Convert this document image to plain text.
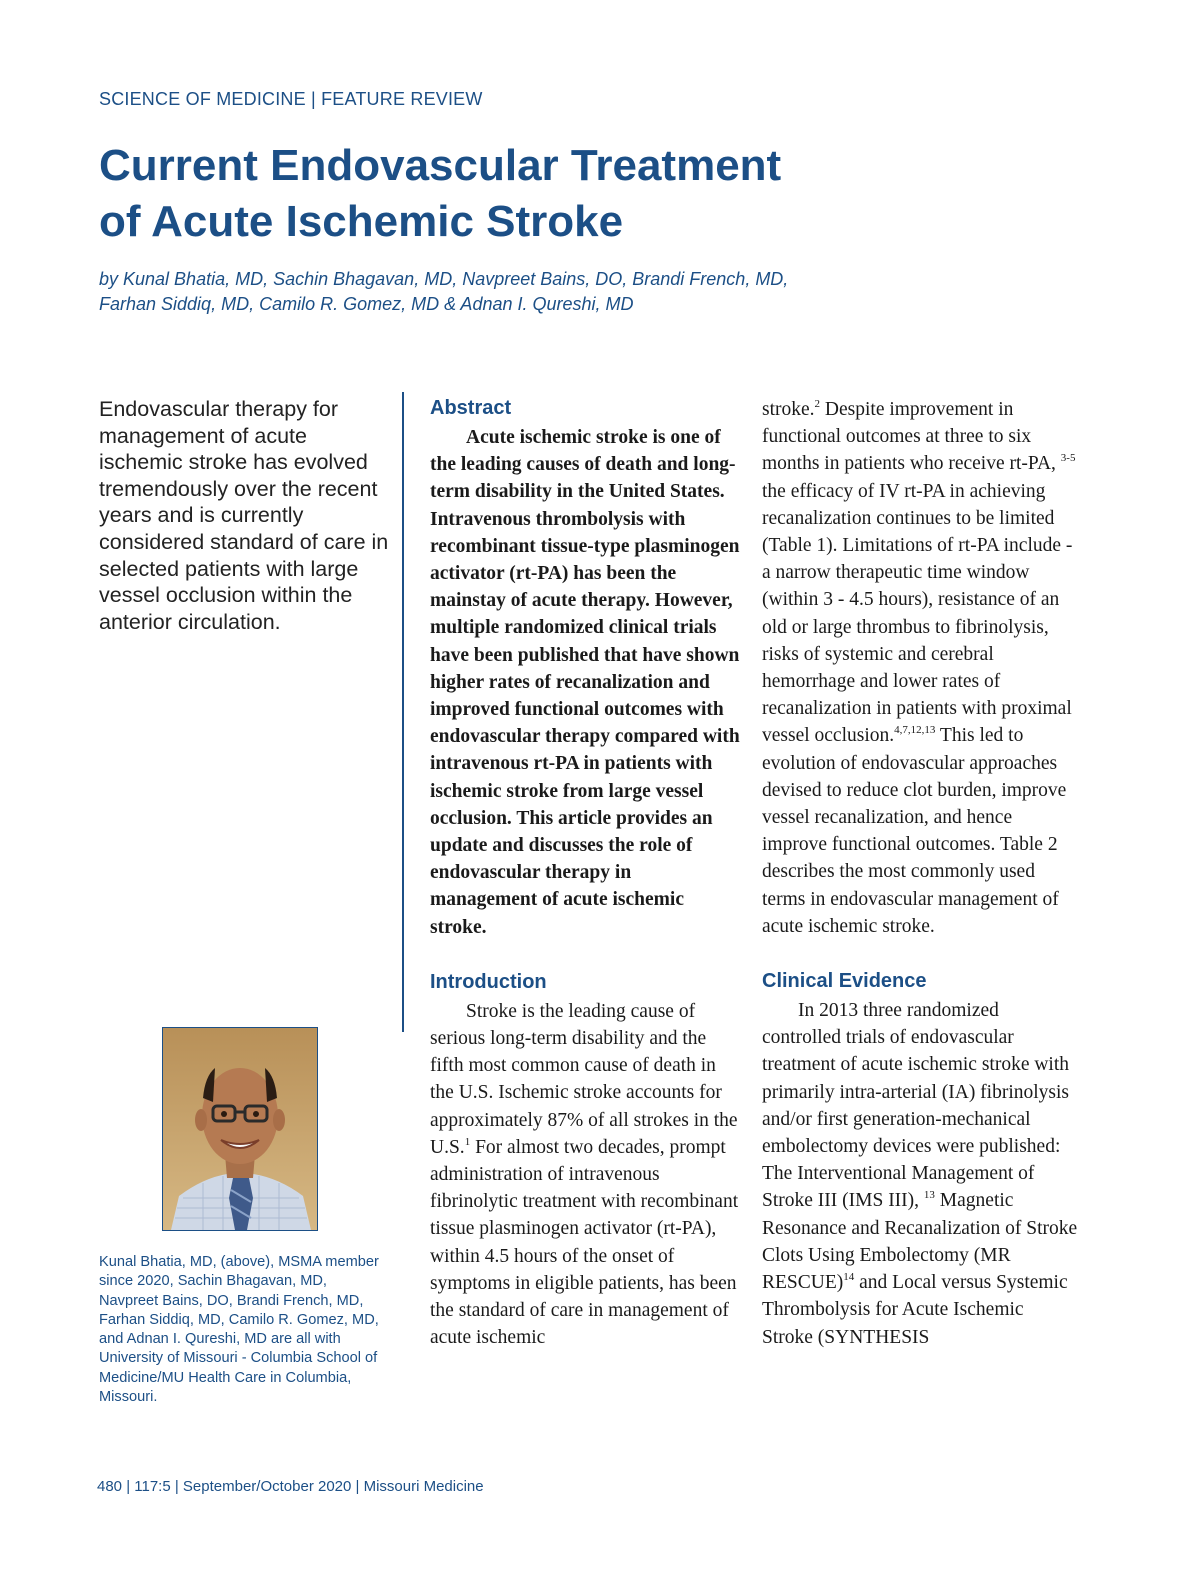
SCIENCE OF MEDICINE | FEATURE REVIEW
Current Endovascular Treatment
of Acute Ischemic Stroke
by Kunal Bhatia, MD, Sachin Bhagavan, MD, Navpreet Bains, DO, Brandi French, MD,
Farhan Siddiq, MD, Camilo R. Gomez, MD & Adnan I. Qureshi, MD
Endovascular therapy for management of acute ischemic stroke has evolved tremendously over the recent years and is currently considered standard of care in selected patients with large vessel occlusion within the anterior circulation.
Kunal Bhatia, MD, (above), MSMA member since 2020, Sachin Bhagavan, MD, Navpreet Bains, DO, Brandi French, MD, Farhan Siddiq, MD, Camilo R. Gomez, MD, and Adnan I. Qureshi, MD are all with University of Missouri - Columbia School of Medicine/MU Health Care in Columbia, Missouri.
Abstract

Acute ischemic stroke is one of the leading causes of death and long-term disability in the United States. Intravenous thrombolysis with recombinant tissue-type plasminogen activator (rt-PA) has been the mainstay of acute therapy. However, multiple randomized clinical trials have been published that have shown higher rates of recanalization and improved functional outcomes with endovascular therapy compared with intravenous rt-PA in patients with ischemic stroke from large vessel occlusion. This article provides an update and discusses the role of endovascular therapy in management of acute ischemic stroke.

Introduction

Stroke is the leading cause of serious long-term disability and the fifth most common cause of death in the U.S. Ischemic stroke accounts for approximately 87% of all strokes in the U.S.$^1$ For almost two decades, prompt administration of intravenous fibrinolytic treatment with recombinant tissue plasminogen activator (rt-PA), within 4.5 hours of the onset of symptoms in eligible patients, has been the standard of care in management of acute ischemic

stroke.$^2$ Despite improvement in functional outcomes at three to six months in patients who receive rt-PA, $^{3-5}$ the efficacy of IV rt-PA in achieving recanalization continues to be limited (Table 1). Limitations of rt-PA include - a narrow therapeutic time window (within 3 - 4.5 hours), resistance of an old or large thrombus to fibrinolysis, risks of systemic and cerebral hemorrhage and lower rates of recanalization in patients with proximal vessel occlusion.$^{4,7,12,13}$ This led to evolution of endovascular approaches devised to reduce clot burden, improve vessel recanalization, and hence improve functional outcomes. Table 2 describes the most commonly used terms in endovascular management of acute ischemic stroke.

Clinical Evidence

In 2013 three randomized controlled trials of endovascular treatment of acute ischemic stroke with primarily intra-arterial (IA) fibrinolysis and/or first generation-mechanical embolectomy devices were published: The Interventional Management of Stroke III (IMS III), $^{13}$ Magnetic Resonance and Recanalization of Stroke Clots Using Embolectomy (MR RESCUE)$^{14}$ and Local versus Systemic Thrombolysis for Acute Ischemic Stroke (SYNTHESIS

480 | 117:5 | September/October 2020 | Missouri Medicine
